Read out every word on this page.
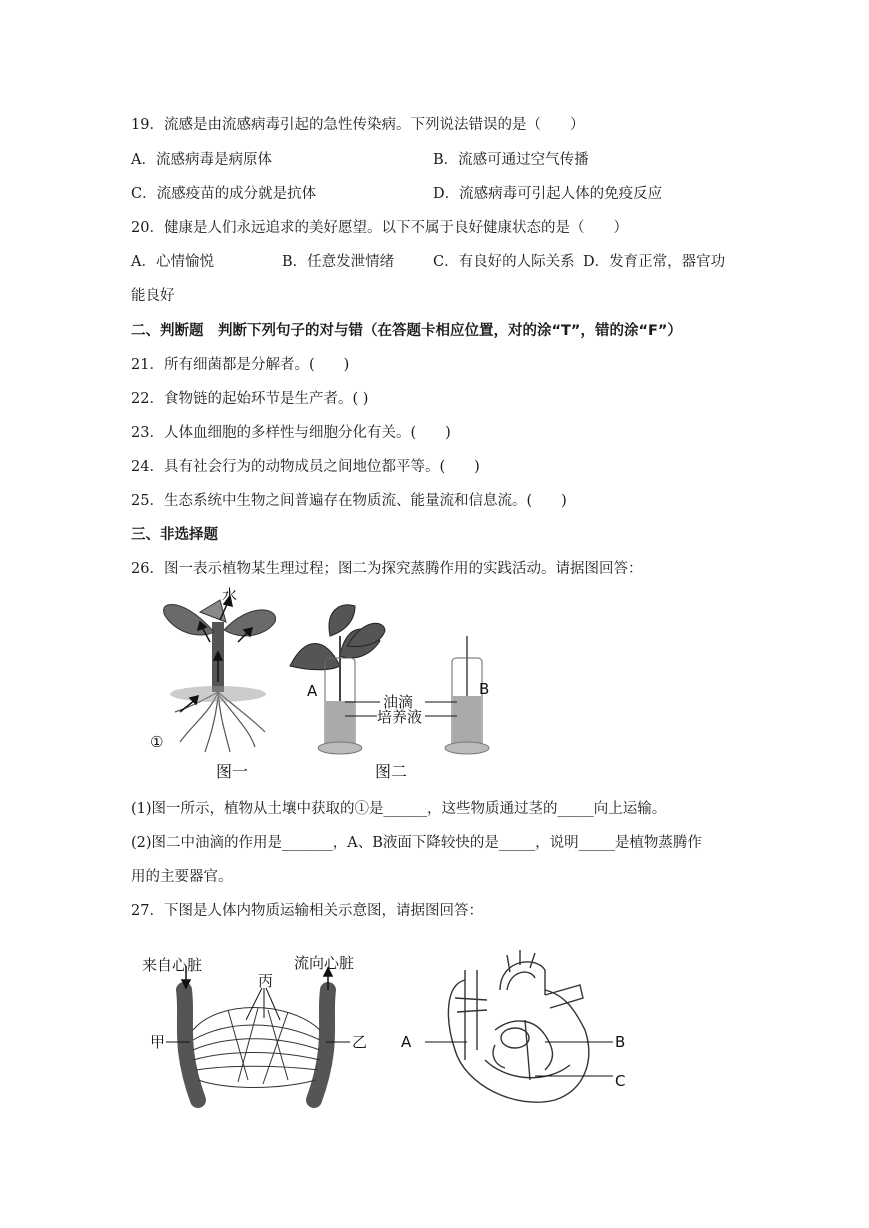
19．流感是由流感病毒引起的急性传染病。下列说法错误的是（　　）
A．流感病毒是病原体	B．流感可通过空气传播
C．流感疫苗的成分就是抗体	D．流感病毒可引起人体的免疫反应
20．健康是人们永远追求的美好愿望。以下不属于良好健康状态的是（　　）
A．心情愉悦	B．任意发泄情绪	C．有良好的人际关系 D．发育正常，器官功
能良好
二、判断题　判断下列句子的对与错（在答题卡相应位置，对的涂“T”，错的涂“F”）
21．所有细菌都是分解者。(　　)
22．食物链的起始环节是生产者。( )
23．人体血细胞的多样性与细胞分化有关。(　　)
24．具有社会行为的动物成员之间地位都平等。(　　)
25．生态系统中生物之间普遍存在物质流、能量流和信息流。(　　)
三、非选择题
26．图一表示植物某生理过程；图二为探究蒸腾作用的实践活动。请据图回答：
水
①
图一
油滴
培养液
A	B
图二
(1)图一所示，植物从土壤中获取的①是______，这些物质通过茎的_____向上运输。
(2)图二中油滴的作用是_______，A、B液面下降较快的是_____，说明_____是植物蒸腾作
用的主要器官。
27．下图是人体内物质运输相关示意图，请据图回答：
来自心脏	流向心脏
丙
甲	乙 A	B
C
